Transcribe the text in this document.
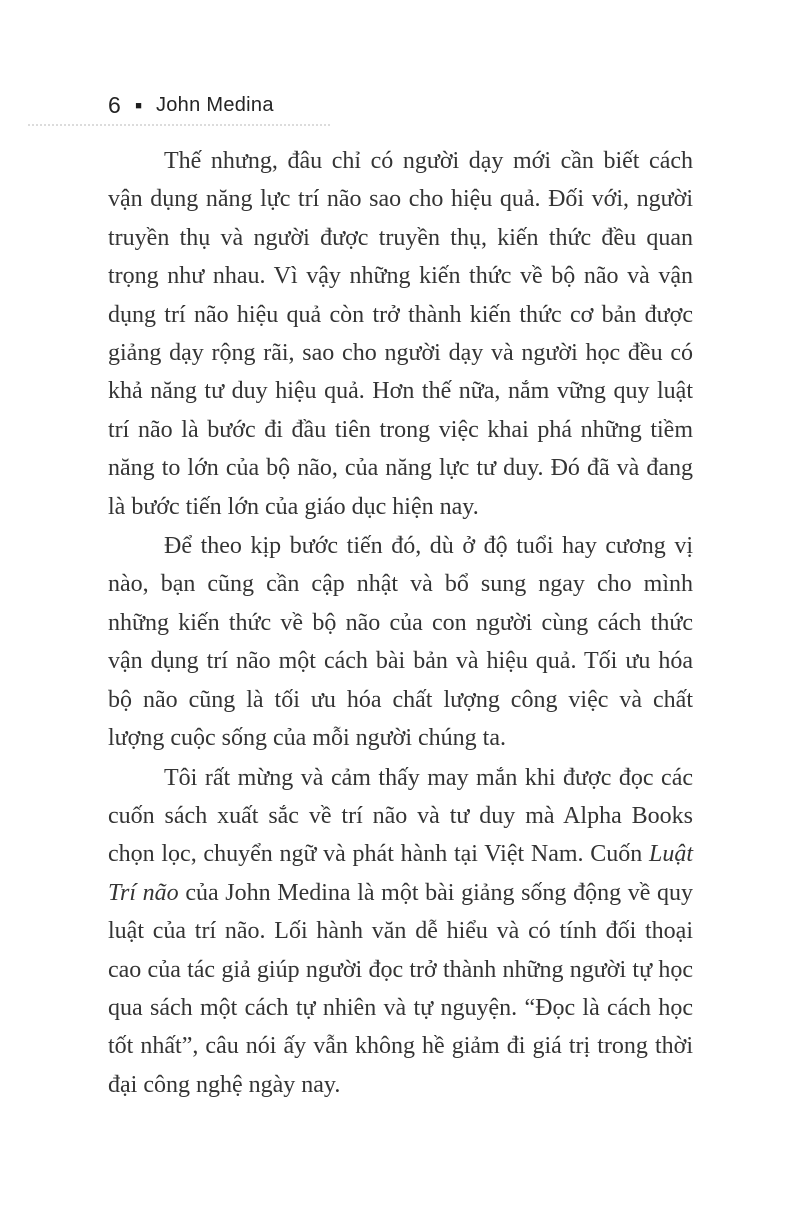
6 ■ John Medina

Thế nhưng, đâu chỉ có người dạy mới cần biết cách vận dụng năng lực trí não sao cho hiệu quả. Đối với, người truyền thụ và người được truyền thụ, kiến thức đều quan trọng như nhau. Vì vậy những kiến thức về bộ não và vận dụng trí não hiệu quả còn trở thành kiến thức cơ bản được giảng dạy rộng rãi, sao cho người dạy và người học đều có khả năng tư duy hiệu quả. Hơn thế nữa, nắm vững quy luật trí não là bước đi đầu tiên trong việc khai phá những tiềm năng to lớn của bộ não, của năng lực tư duy. Đó đã và đang là bước tiến lớn của giáo dục hiện nay.

Để theo kịp bước tiến đó, dù ở độ tuổi hay cương vị nào, bạn cũng cần cập nhật và bổ sung ngay cho mình những kiến thức về bộ não của con người cùng cách thức vận dụng trí não một cách bài bản và hiệu quả. Tối ưu hóa bộ não cũng là tối ưu hóa chất lượng công việc và chất lượng cuộc sống của mỗi người chúng ta.

Tôi rất mừng và cảm thấy may mắn khi được đọc các cuốn sách xuất sắc về trí não và tư duy mà Alpha Books chọn lọc, chuyển ngữ và phát hành tại Việt Nam. Cuốn Luật Trí não của John Medina là một bài giảng sống động về quy luật của trí não. Lối hành văn dễ hiểu và có tính đối thoại cao của tác giả giúp người đọc trở thành những người tự học qua sách một cách tự nhiên và tự nguyện. “Đọc là cách học tốt nhất”, câu nói ấy vẫn không hề giảm đi giá trị trong thời đại công nghệ ngày nay.
